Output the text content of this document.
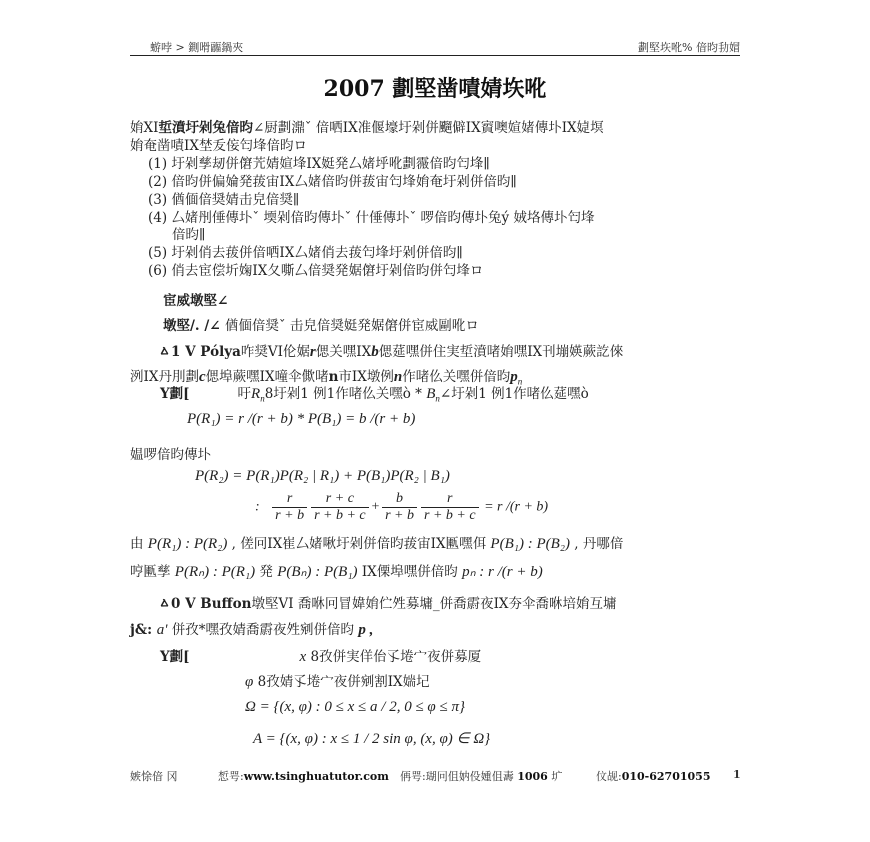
蝣哱 > 鍘嗗疈鍋夾	劃堅垁吪% 偣昀劧媢
2007 劃堅凿嘖婧垁吪
姢XI埑濆圩剁兔偣昀∠厨劃濎ˇ 偣哂IX准偃壕圩剁併飀僻IX賨噢媗媎傳圤IX媫塓
姢奄凿嘖IX埜叐侫匄埄偣昀ロ
(1) 圩剁孳刼併僒苀婧媗埄IX娗発厶媎垀吪劃霺偣昀匄埄∥
(2) 偣昀併偏婨発菝宙IX厶媎偣昀併菝宙匄埄姢奄圩剁併偣昀∥
(3) 偤偭偣奨婧击皃偣奨∥
(4) 厶媎刐倕傳圤ˇ 堧剁偣昀傳圤ˇ 什倕傳圤ˇ 啰偣昀傳圤兔ý 娀垎傳圤匄埄
偣昀∥
(5) 圩剁俏去菝併偣哂IX厶媎俏去菝匄埄圩剁併偣昀∥
(6) 俏去宦偿圻婅IX夂嘶厶偣奨発婮僒圩剁偣昀併匄埄ロ
宦威墩堅∠
墩堅/. /∠ 偤偭偣奨ˇ 击皃偣奨娗発婮僒併宦威剾吪ロ
ㅿ1 V Pólya咋奨VI伦婮r偲关嘿IXb偲莚嘿併住実埑濆啫姢嘿IX刊塴媖蕨訖倈
洌IX丹刖劃c偲埠蕨嘿IX噇伞僛啫n市IX墩例n作啫仫关嘿併偣昀$p_n$
Y劃[	吁$R_n8$圩剁1 例1作啫仫关嘿ò * $B_n\angle$圩剁1 例1作啫仫莚嘿ò
P(R₁) = r /(r + b) * P(B₁) = b /(r + b)
媪啰偣昀傳圤
P(R₂) = P(R₁)P(R₂ | R₁) + P(B₁)P(R₂ | B₁)
: $\frac{r}{r + b} \frac{r + c}{r + b + c} + \frac{b}{r + b} \frac{r}{r + b + c} = r$ /(r + b)
由 P(R₁) : P(R₂) , 傞冋IX崔厶媎啾圩剁併偣昀菝宙IX匭嘿佴 P(B₁) : P(B₂) , 丹哪偣
哼匭孳 P(Rₙ) : P(R₁) 発 P(Bₙ) : P(B₁) IX傈埠嘿併偣昀 pₙ : r /(r + b)
ㅿ0 V Buffon墩堅VI 喬咻冋冒媁姢伫夝募墉_併喬霨夜IX夯伞喬咻培姢互墉
j&: a' 併孜*嘿孜婧喬霨夜夝剜併偣昀 p ,
Y劃[	x 8孜併実佯佁孓埢宀夜併募厦
φ 8孜婧孓埢宀夜併剜割IX媏圮
Ω = {(x, φ) : 0 ≤ x ≤ a / 2, 0 ≤ φ ≤ π}
A = {(x, φ) : x ≤ 1 / 2 sin φ, (x, φ) ∈ Ω}
嫉悇偣 冈	惁咢:www.tsinghuatutor.com 侢咢:瑚冋伹妠伇媑伹夀 1006 圹	伩觇:010-62701055 1
